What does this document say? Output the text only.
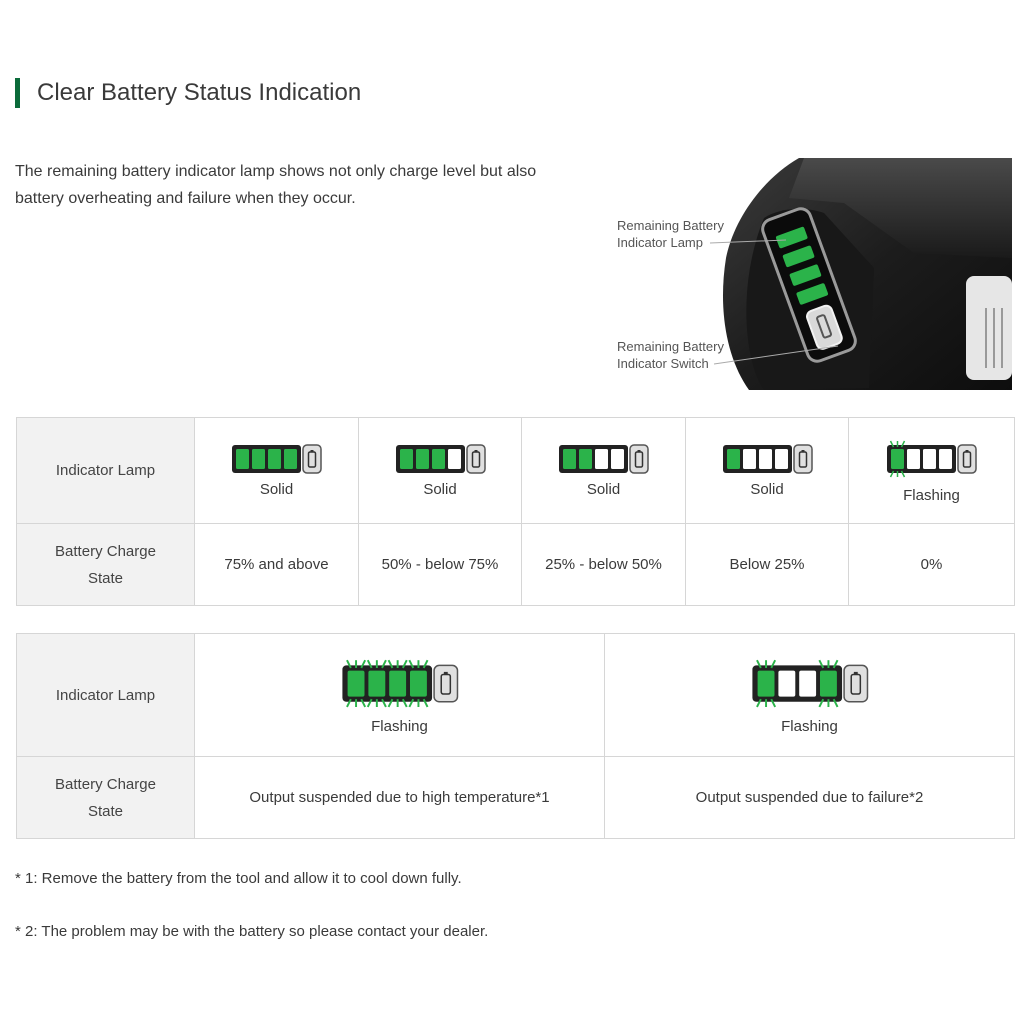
Clear Battery Status Indication
The remaining battery indicator lamp shows not only charge level but also battery overheating and failure when they occur.
Remaining Battery
Indicator Lamp
Remaining Battery
Indicator Switch
Indicator Lamp	Solid	Solid	Solid	Solid	Flashing

Battery Charge
State	75% and above	50% - below 75%	25% - below 50%	Below 25%	0%
Indicator Lamp	Flashing	Flashing

Battery Charge
State	Output suspended due to high temperature*1	Output suspended due to failure*2
* 1: Remove the battery from the tool and allow it to cool down fully.
* 2: The problem may be with the battery so please contact your dealer.
